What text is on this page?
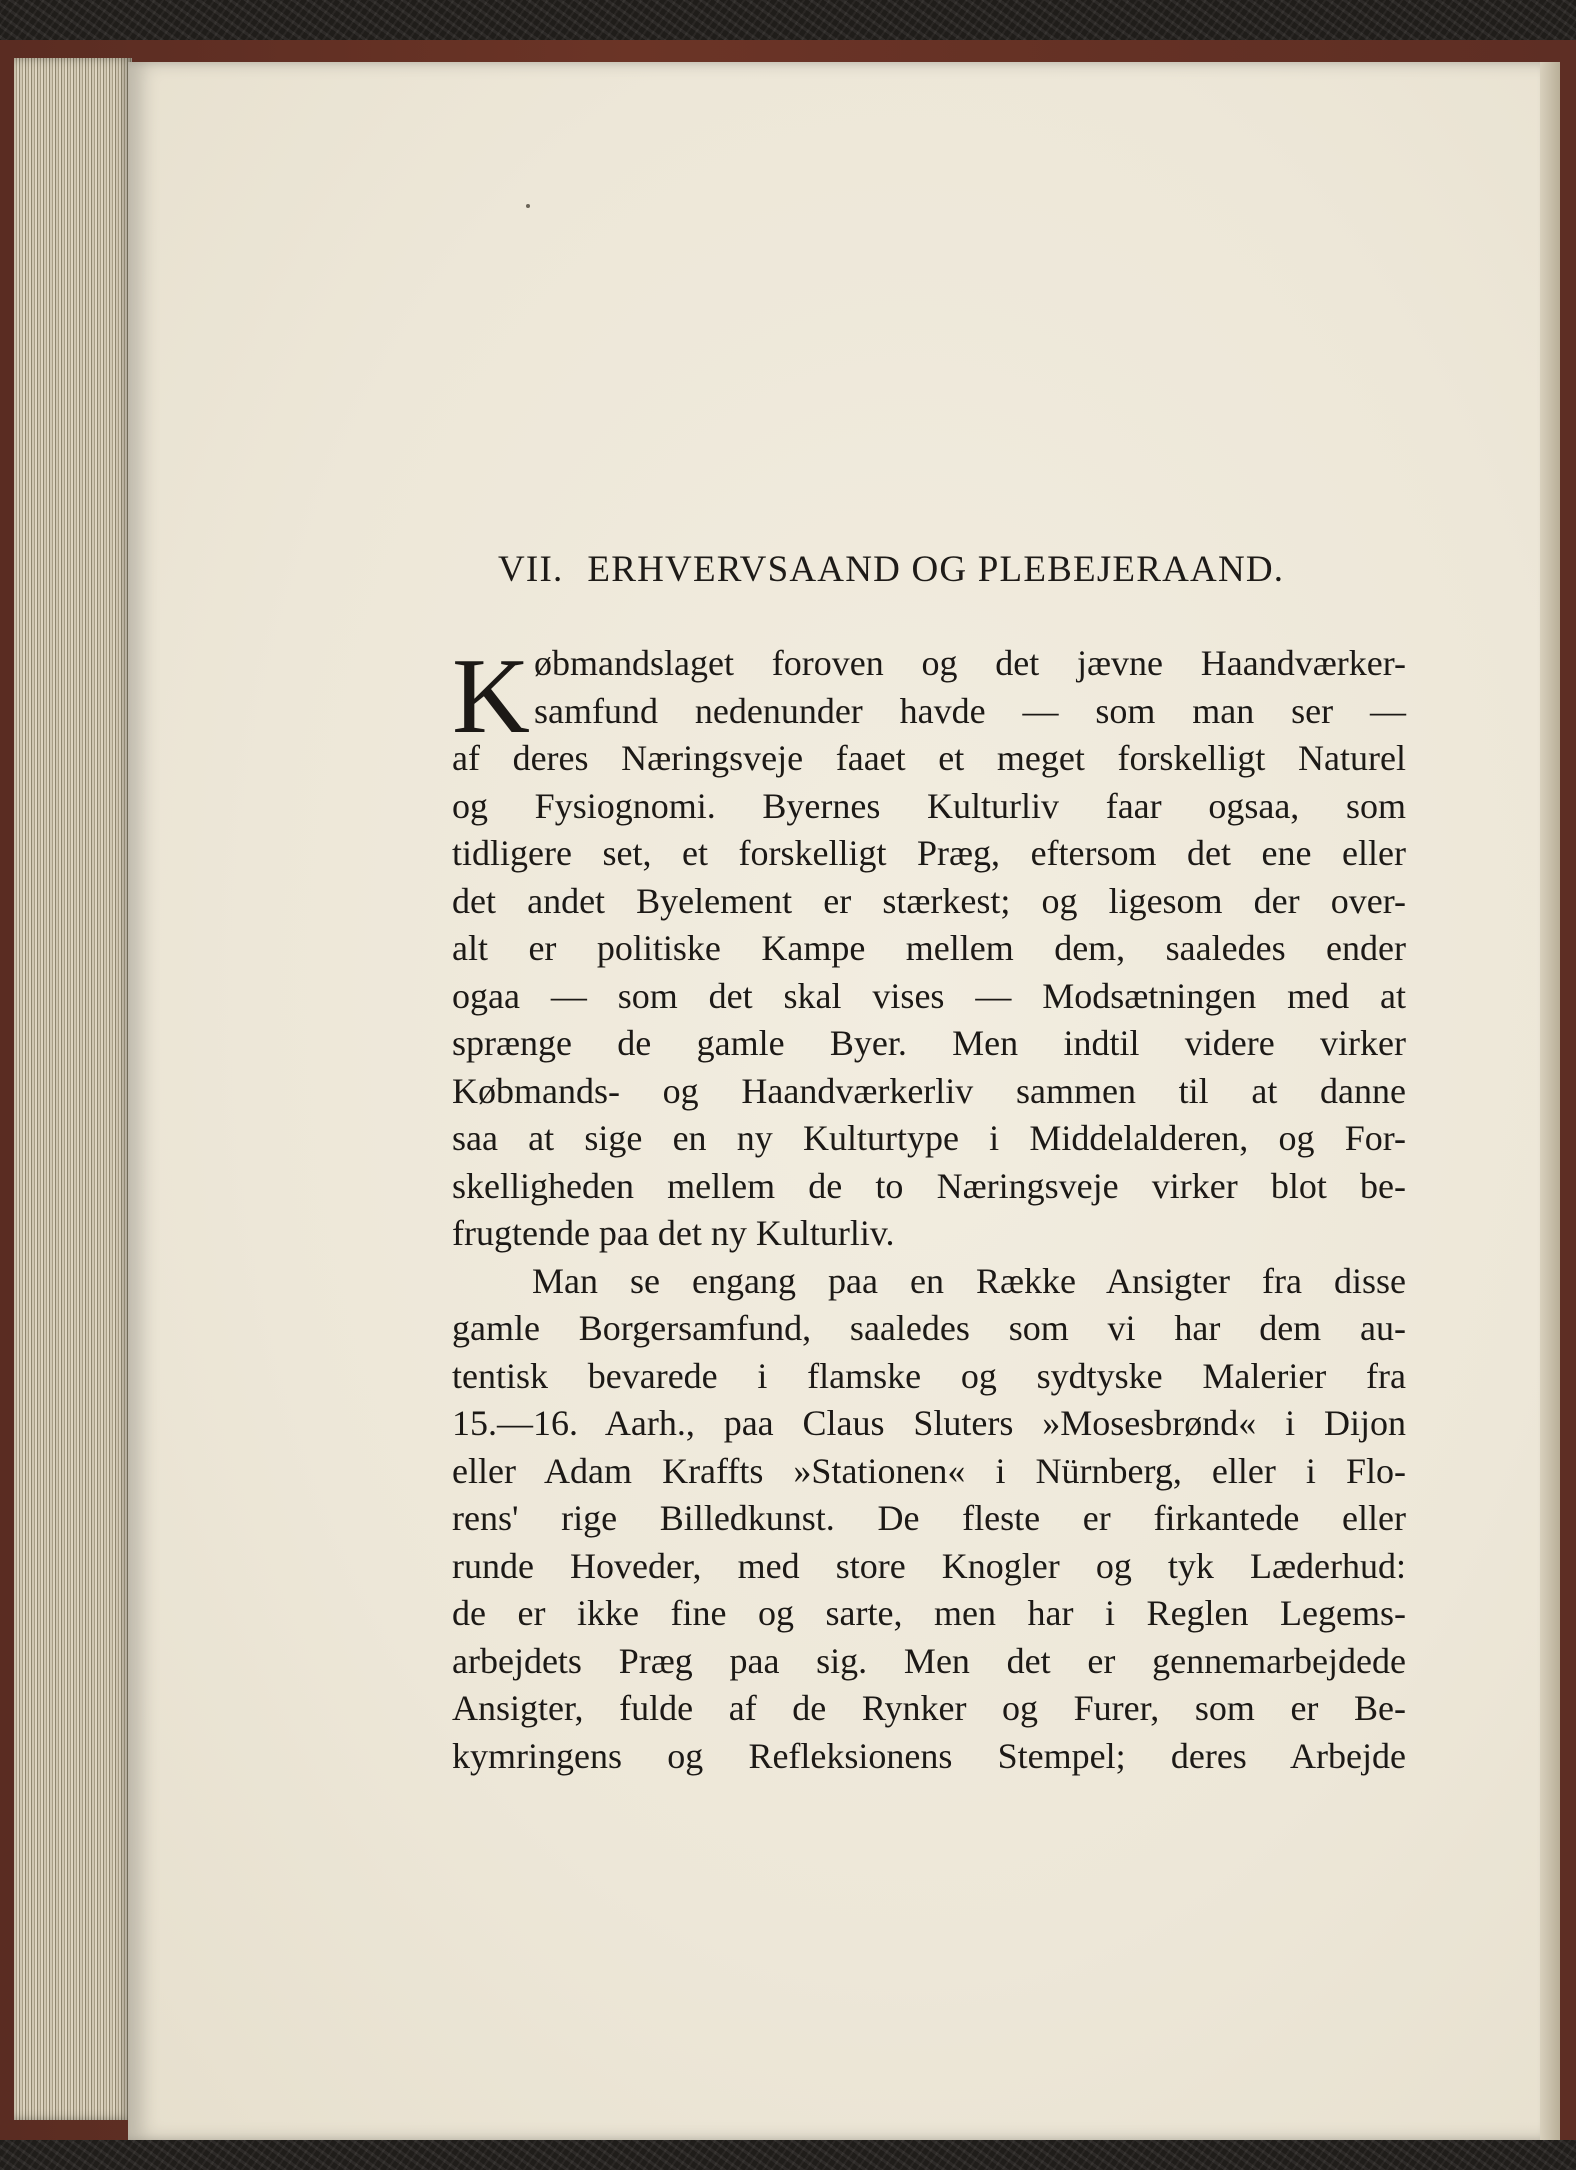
VII. ERHVERVSAAND OG PLEBEJERAAND.
K øbmandslaget foroven og det jævne Haandværker-
samfund nedenunder havde — som man ser —
af deres Næringsveje faaet et meget forskelligt Naturel
og Fysiognomi. Byernes Kulturliv faar ogsaa, som
tidligere set, et forskelligt Præg, eftersom det ene eller
det andet Byelement er stærkest; og ligesom der over-
alt er politiske Kampe mellem dem, saaledes ender
ogaa — som det skal vises — Modsætningen med at
sprænge de gamle Byer. Men indtil videre virker
Købmands- og Haandværkerliv sammen til at danne
saa at sige en ny Kulturtype i Middelalderen, og For-
skelligheden mellem de to Næringsveje virker blot be-
frugtende paa det ny Kulturliv.
Man se engang paa en Række Ansigter fra disse
gamle Borgersamfund, saaledes som vi har dem au-
tentisk bevarede i flamske og sydtyske Malerier fra
15.—16. Aarh., paa Claus Sluters »Mosesbrønd« i Dijon
eller Adam Kraffts »Stationen« i Nürnberg, eller i Flo-
rens' rige Billedkunst. De fleste er firkantede eller
runde Hoveder, med store Knogler og tyk Læderhud:
de er ikke fine og sarte, men har i Reglen Legems-
arbejdets Præg paa sig. Men det er gennemarbejdede
Ansigter, fulde af de Rynker og Furer, som er Be-
kymringens og Refleksionens Stempel; deres Arbejde
